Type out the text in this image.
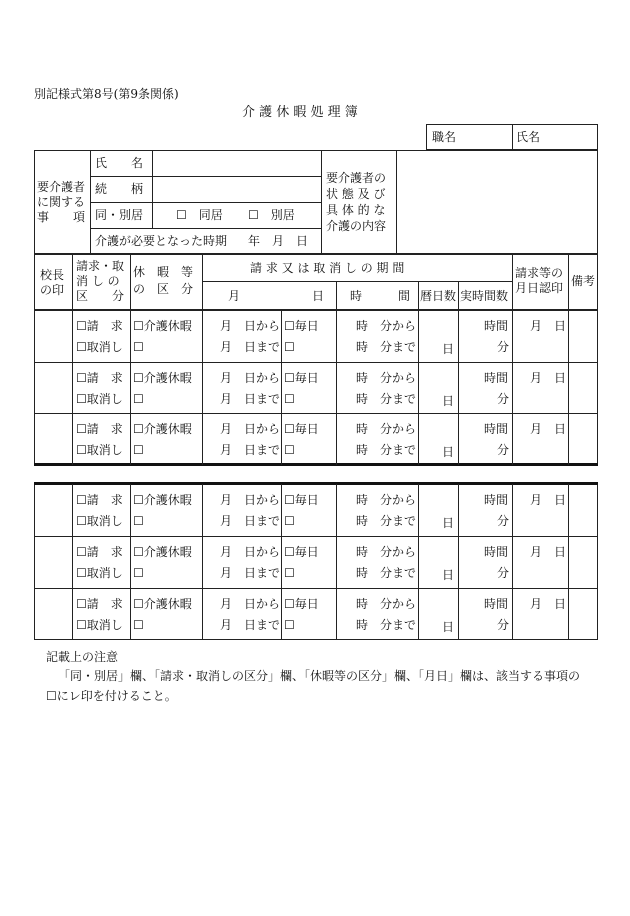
別記様式第8号(第9条関係)
介 護 休 暇 処 理 簿
職名	氏名
要介護者
に関する
事　　項
氏　　名
続　　柄
同・別居	☐　同居 ☐　別居
介護が必要となった時期 年　月　日
要介護者の
状 態 及 び
具 体 的 な
介護の内容
校長
の印
請求・取
消 し の
区　　分
休　暇　等
の　区　分
請 求 又 は 取 消 し の 期 間
月　　　　　　日 時　　　間 暦日数 実時間数
請求等の
月日認印 備考
☐請　求
☐取消し
☐介護休暇
☐
月　日から
月　日まで
☐毎日
☐
時　分から
時　分まで 日
時間
分
月　日
☐請　求
☐取消し
☐介護休暇
☐
月　日から
月　日まで
☐毎日
☐
時　分から
時　分まで 日
時間
分
月　日
☐請　求
☐取消し
☐介護休暇
☐
月　日から
月　日まで
☐毎日
☐
時　分から
時　分まで 日
時間
分
月　日
☐請　求
☐取消し
☐介護休暇
☐
月　日から
月　日まで
☐毎日
☐
時　分から
時　分まで 日
時間
分
月　日
☐請　求
☐取消し
☐介護休暇
☐
月　日から
月　日まで
☐毎日
☐
時　分から
時　分まで 日
時間
分
月　日
☐請　求
☐取消し
☐介護休暇
☐
月　日から
月　日まで
☐毎日
☐
時　分から
時　分まで 日
時間
分
月　日
記載上の注意
「同・別居」欄、「請求・取消しの区分」欄、「休暇等の区分」欄、「月日」欄は、該当する事項の
☐にレ印を付けること。
